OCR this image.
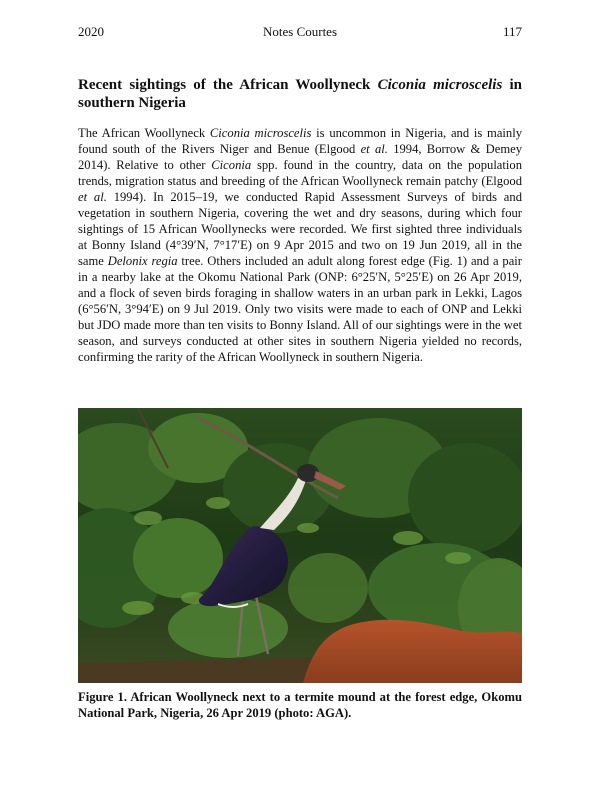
2020	Notes Courtes	117
Recent sightings of the African Woollyneck Ciconia microscelis in southern Nigeria
The African Woollyneck Ciconia microscelis is uncommon in Nigeria, and is mainly found south of the Rivers Niger and Benue (Elgood et al. 1994, Borrow & Demey 2014). Relative to other Ciconia spp. found in the country, data on the population trends, migration status and breeding of the African Woollyneck remain patchy (Elgood et al. 1994). In 2015–19, we conducted Rapid Assessment Surveys of birds and vegetation in southern Nigeria, covering the wet and dry seasons, during which four sightings of 15 African Woollynecks were recorded. We first sighted three individuals at Bonny Island (4°39′N, 7°17′E) on 9 Apr 2015 and two on 19 Jun 2019, all in the same Delonix regia tree. Others included an adult along forest edge (Fig. 1) and a pair in a nearby lake at the Okomu National Park (ONP: 6°25′N, 5°25′E) on 26 Apr 2019, and a flock of seven birds foraging in shallow waters in an urban park in Lekki, Lagos (6°56′N, 3°94′E) on 9 Jul 2019. Only two visits were made to each of ONP and Lekki but JDO made more than ten visits to Bonny Island. All of our sightings were in the wet season, and surveys conducted at other sites in southern Nigeria yielded no records, confirming the rarity of the African Woollyneck in southern Nigeria.
Figure 1. African Woollyneck next to a termite mound at the forest edge, Okomu National Park, Nigeria, 26 Apr 2019 (photo: AGA).
